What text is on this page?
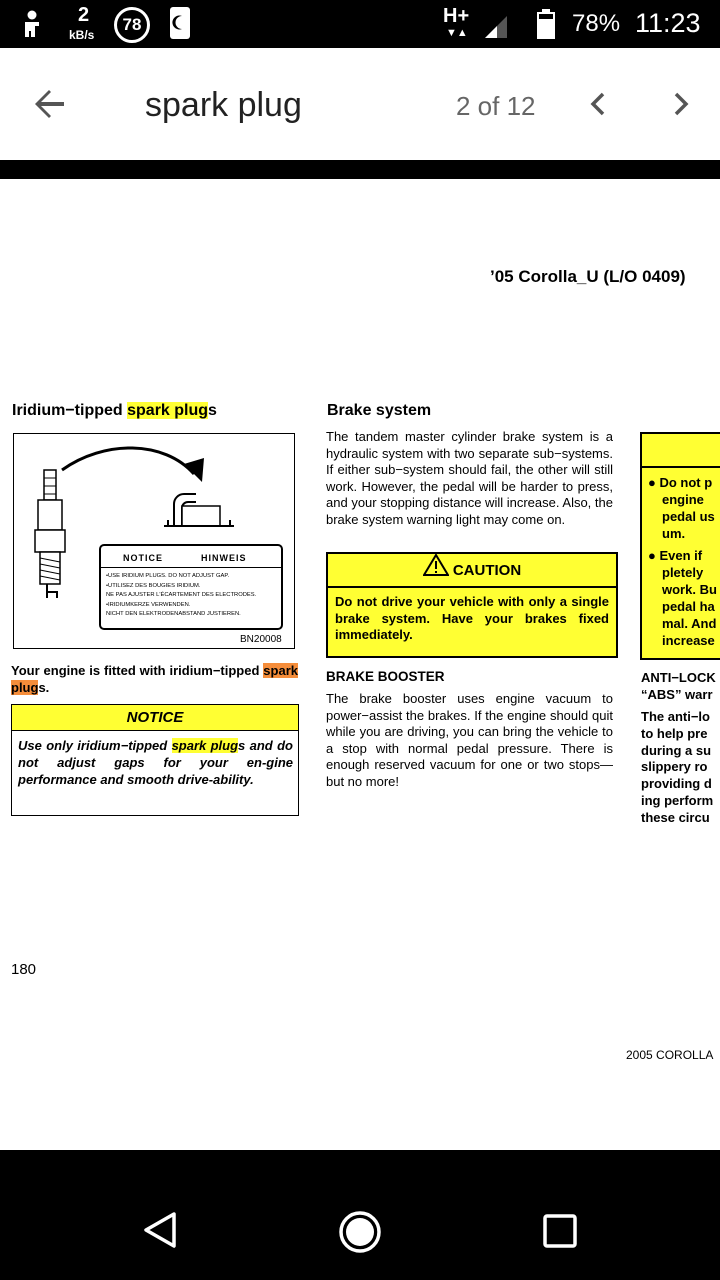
2
kB/s
78	H+
▼▲	78% 11:23
spark plug	2 of 12
’05 Corolla_U (L/O 0409)
Iridium−tipped spark plugs
NOTICE	HINWEIS
•USE IRIDIUM PLUGS. DO NOT ADJUST GAP.
•UTILISEZ DES BOUGIES IRIDIUM.
NE PAS AJUSTER L'ÉCARTEMENT DES ELECTRODES.
•IRIDIUMKERZE VERWENDEN.
NICHT DEN ELEKTRODENABSTAND JUSTIEREN.
BN20008
Your engine is fitted with iridium−tipped spark plugs.
NOTICE
Use only iridium−tipped spark plugs and do not adjust gaps for your en-gine performance and smooth drive-ability.
180
Brake system
The tandem master cylinder brake system is a hydraulic system with two separate sub−systems. If either sub−system should fail, the other will still work. However, the pedal will be harder to press, and your stopping distance will increase. Also, the brake system warning light may come on.
CAUTION
Do not drive your vehicle with only a single brake system. Have your brakes fixed immediately.
BRAKE BOOSTER
The brake booster uses engine vacuum to power−assist the brakes. If the engine should quit while you are driving, you can bring the vehicle to a stop with normal pedal pressure. There is enough reserved vacuum for one or two stops—but no more!
● Do not p
engine
pedal us
um.
● Even if
pletely
work. Bu
pedal ha
mal. And
increase
ANTI−LOCK
“ABS” warr
The anti−lo
to help pre
during a su
slippery ro
providing d
ing perform
these circu
2005 COROLLA
